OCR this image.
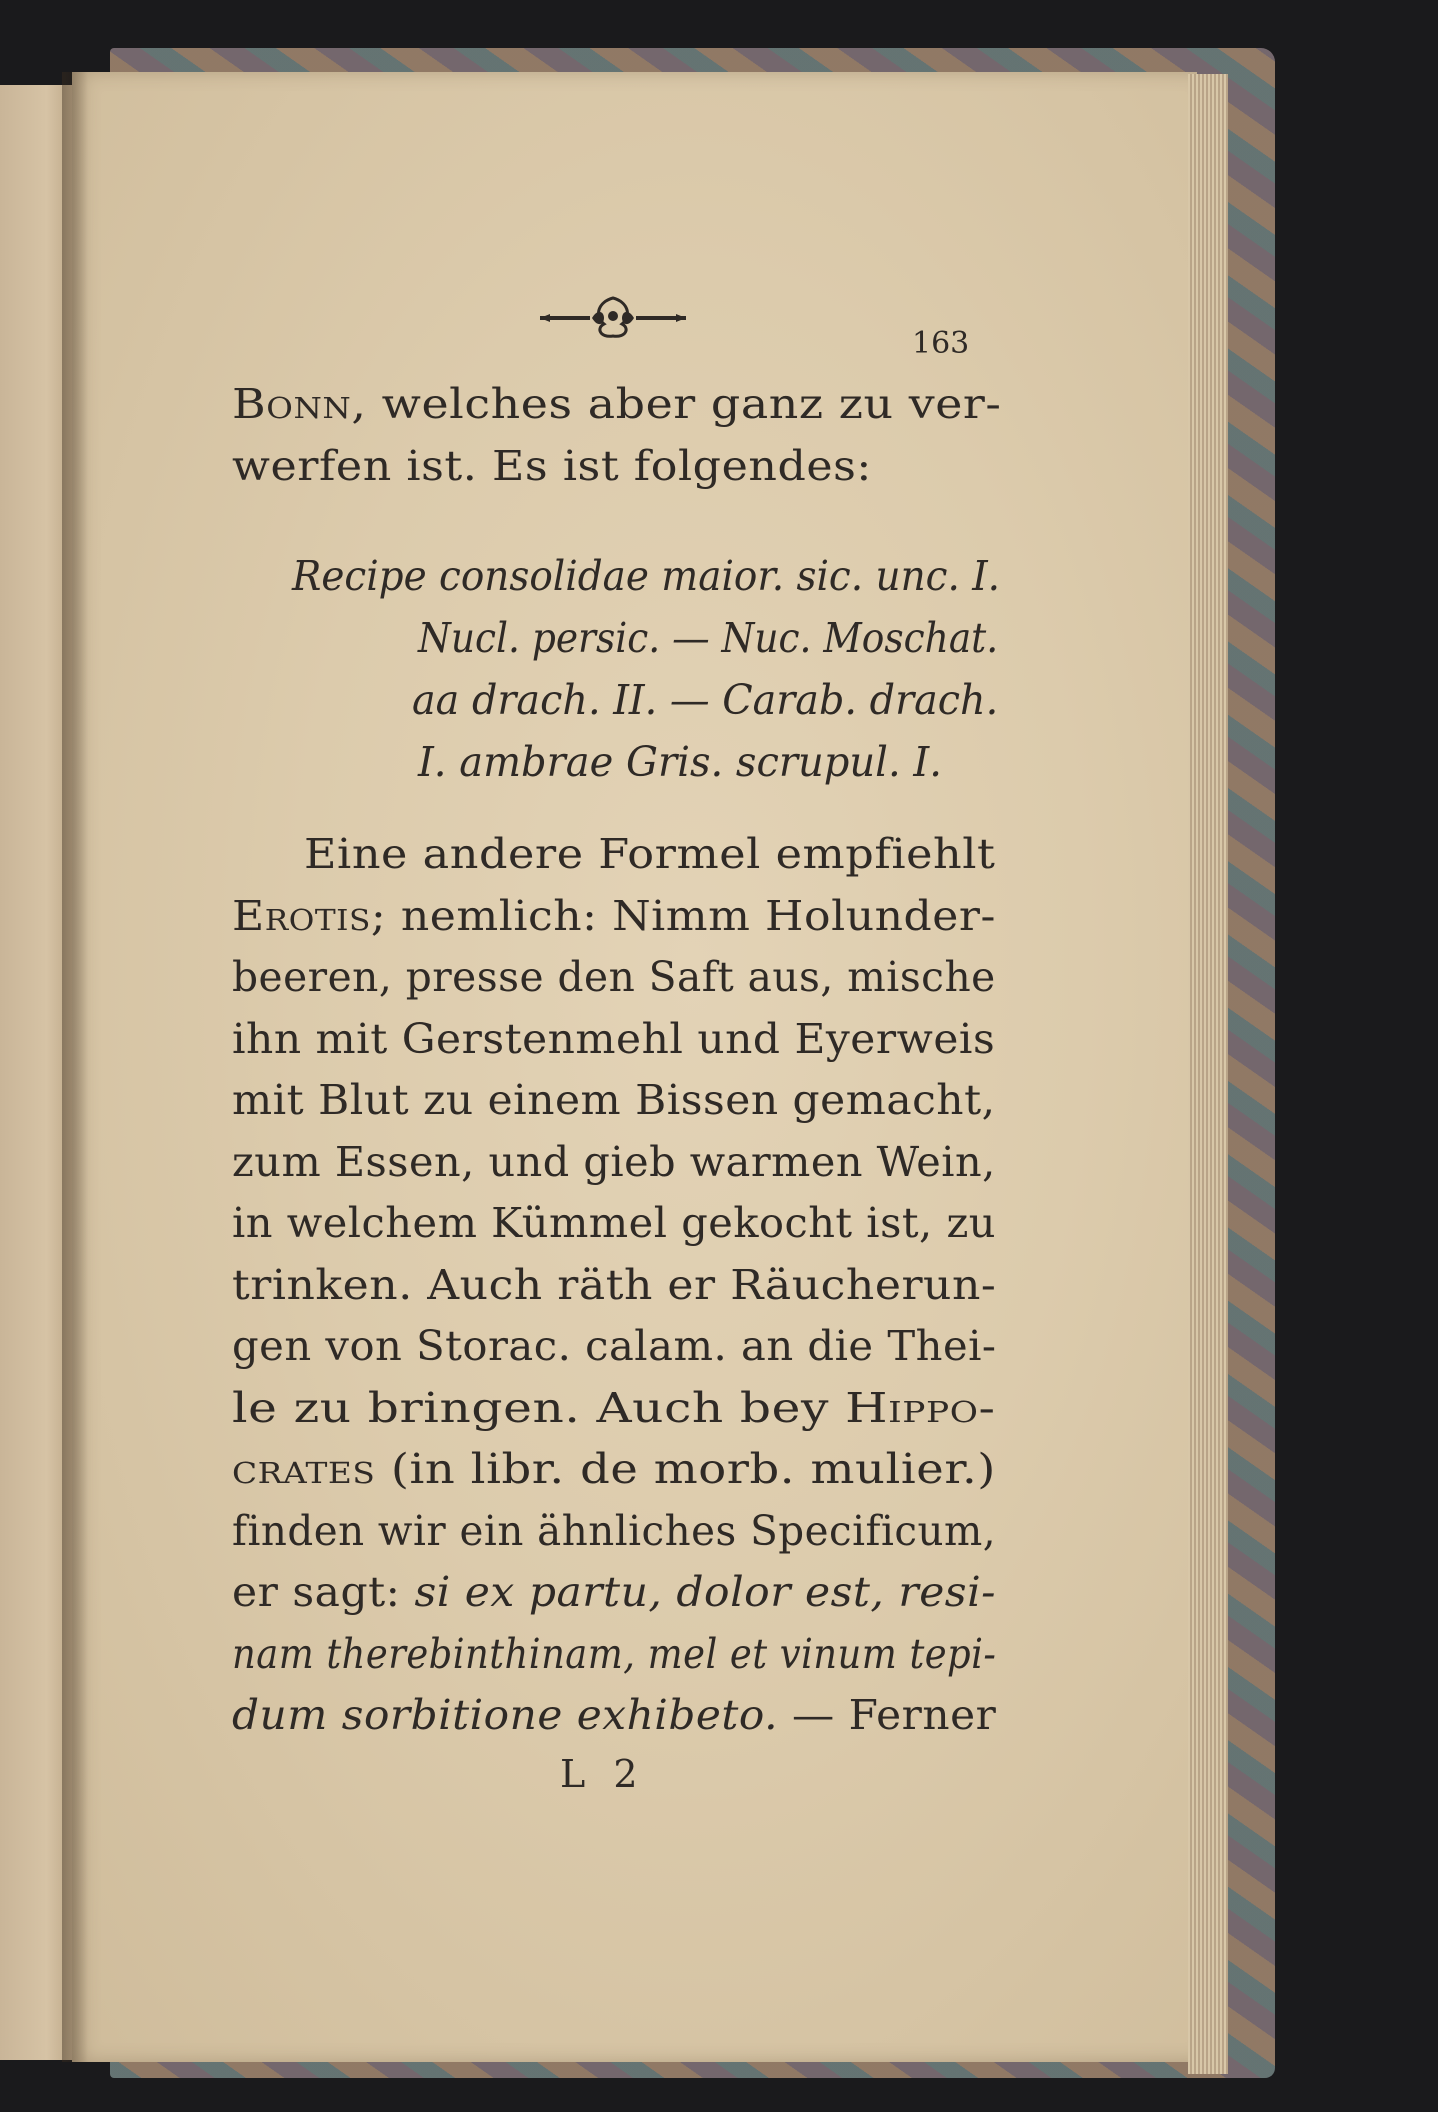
163
Bonn, welches aber ganz zu ver-
werfen ist. Es ist folgendes:
Recipe consolidae maior. sic. unc. I.
Nucl. persic. — Nuc. Moschat.
aa drach. II. — Carab. drach.
I. ambrae Gris. scrupul. I.
Eine andere Formel empfiehlt
Erotis; nemlich: Nimm Holunder-
beeren, presse den Saft aus, mische
ihn mit Gerstenmehl und Eyerweis
mit Blut zu einem Bissen gemacht,
zum Essen, und gieb warmen Wein,
in welchem Kümmel gekocht ist, zu
trinken. Auch räth er Räucherun-
gen von Storac. calam. an die Thei-
le zu bringen. Auch bey Hippo-
crates (in libr. de morb. mulier.)
finden wir ein ähnliches Specificum,
er sagt: si ex partu, dolor est, resi-
nam therebinthinam, mel et vinum tepi-
dum sorbitione exhibeto. — Ferner
L 2
